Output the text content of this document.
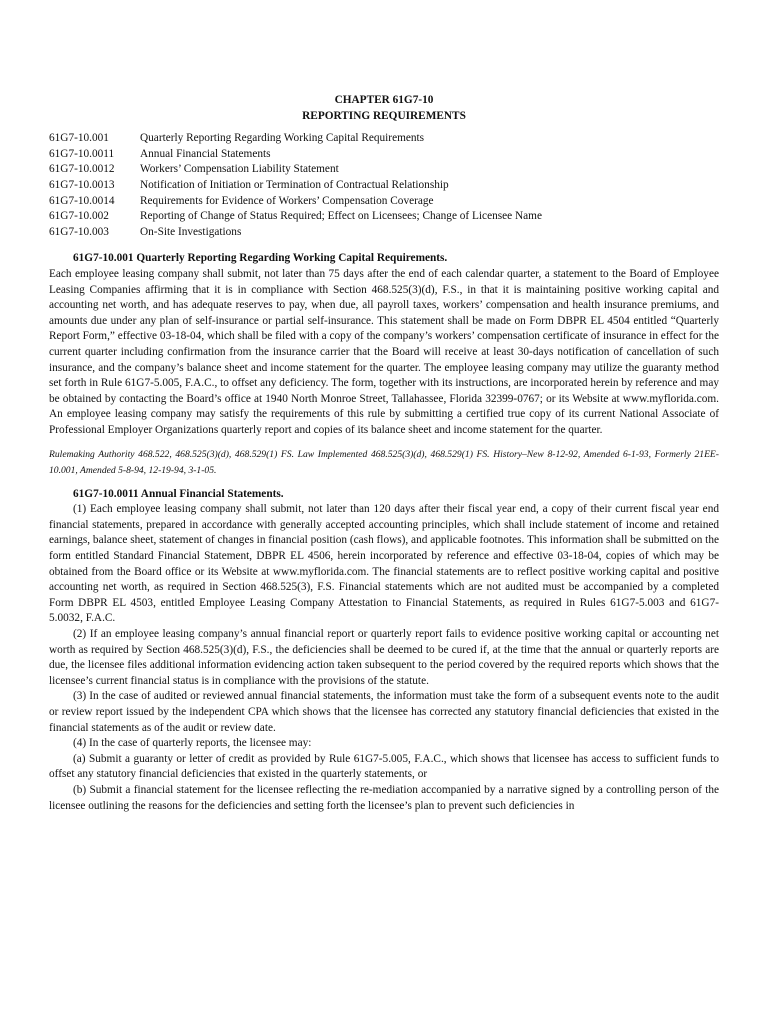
CHAPTER 61G7-10
REPORTING REQUIREMENTS
61G7-10.001	Quarterly Reporting Regarding Working Capital Requirements
61G7-10.0011	Annual Financial Statements
61G7-10.0012	Workers’ Compensation Liability Statement
61G7-10.0013	Notification of Initiation or Termination of Contractual Relationship
61G7-10.0014	Requirements for Evidence of Workers’ Compensation Coverage
61G7-10.002	Reporting of Change of Status Required; Effect on Licensees; Change of Licensee Name
61G7-10.003	On-Site Investigations
61G7-10.001 Quarterly Reporting Regarding Working Capital Requirements.

Each employee leasing company shall submit, not later than 75 days after the end of each calendar quarter, a statement to the Board of Employee Leasing Companies affirming that it is in compliance with Section 468.525(3)(d), F.S., in that it is maintaining positive working capital and accounting net worth, and has adequate reserves to pay, when due, all payroll taxes, workers’ compensation and health insurance premiums, and amounts due under any plan of self-insurance or partial self-insurance. This statement shall be made on Form DBPR EL 4504 entitled “Quarterly Report Form,” effective 03-18-04, which shall be filed with a copy of the company’s workers’ compensation certificate of insurance in effect for the current quarter including confirmation from the insurance carrier that the Board will receive at least 30-days notification of cancellation of such insurance, and the company’s balance sheet and income statement for the quarter. The employee leasing company may utilize the guaranty method set forth in Rule 61G7-5.005, F.A.C., to offset any deficiency. The form, together with its instructions, are incorporated herein by reference and may be obtained by contacting the Board’s office at 1940 North Monroe Street, Tallahassee, Florida 32399-0767; or its Website at www.myflorida.com. An employee leasing company may satisfy the requirements of this rule by submitting a certified true copy of its current National Associate of Professional Employer Organizations quarterly report and copies of its balance sheet and income statement for the quarter.

Rulemaking Authority 468.522, 468.525(3)(d), 468.529(1) FS. Law Implemented 468.525(3)(d), 468.529(1) FS. History–New 8-12-92, Amended 6-1-93, Formerly 21EE-10.001, Amended 5-8-94, 12-19-94, 3-1-05.
61G7-10.0011 Annual Financial Statements.

(1) Each employee leasing company shall submit, not later than 120 days after their fiscal year end, a copy of their current fiscal year end financial statements, prepared in accordance with generally accepted accounting principles, which shall include statement of income and retained earnings, balance sheet, statement of changes in financial position (cash flows), and applicable footnotes. This information shall be submitted on the form entitled Standard Financial Statement, DBPR EL 4506, herein incorporated by reference and effective 03-18-04, copies of which may be obtained from the Board office or its Website at www.myflorida.com. The financial statements are to reflect positive working capital and positive accounting net worth, as required in Section 468.525(3), F.S. Financial statements which are not audited must be accompanied by a completed Form DBPR EL 4503, entitled Employee Leasing Company Attestation to Financial Statements, as required in Rules 61G7-5.003 and 61G7-5.0032, F.A.C.

(2) If an employee leasing company’s annual financial report or quarterly report fails to evidence positive working capital or accounting net worth as required by Section 468.525(3)(d), F.S., the deficiencies shall be deemed to be cured if, at the time that the annual or quarterly reports are due, the licensee files additional information evidencing action taken subsequent to the period covered by the required reports which shows that the licensee’s current financial status is in compliance with the provisions of the statute.

(3) In the case of audited or reviewed annual financial statements, the information must take the form of a subsequent events note to the audit or review report issued by the independent CPA which shows that the licensee has corrected any statutory financial deficiencies that existed in the financial statements as of the audit or review date.

(4) In the case of quarterly reports, the licensee may:

(a) Submit a guaranty or letter of credit as provided by Rule 61G7-5.005, F.A.C., which shows that licensee has access to sufficient funds to offset any statutory financial deficiencies that existed in the quarterly statements, or

(b) Submit a financial statement for the licensee reflecting the re-mediation accompanied by a narrative signed by a controlling person of the licensee outlining the reasons for the deficiencies and setting forth the licensee’s plan to prevent such deficiencies in
